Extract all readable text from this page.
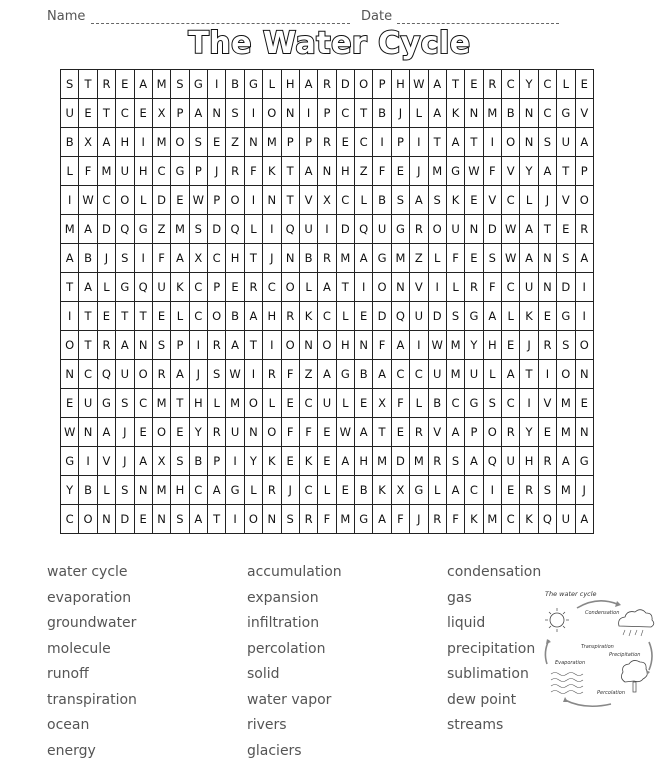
Name	Date
The Water Cycle
S	T	R	E	A	M	S	G	I	B	G	L	H	A	R	D	O	P	H	W	A	T	E	R	C	Y	C	L	E
U	E	T	C	E	X	P	A	N	S	I	O	N	I	P	C	T	B	J	L	A	K	N	M	B	N	C	G	V
B	X	A	H	I	M	O	S	E	Z	N	M	P	P	R	E	C	I	P	I	T	A	T	I	O	N	S	U	A
L	F	M	U	H	C	G	P	J	R	F	K	T	A	N	H	Z	F	E	J	M	G	W	F	V	Y	A	T	P
I	W	C	O	L	D	E	W	P	O	I	N	T	V	X	C	L	B	S	A	S	K	E	V	C	L	J	V	O
M	A	D	Q	G	Z	M	S	D	Q	L	I	Q	U	I	D	Q	U	G	R	O	U	N	D	W	A	T	E	R
A	B	J	S	I	F	A	X	C	H	T	J	N	B	R	M	A	G	M	Z	L	F	E	S	W	A	N	S	A
T	A	L	G	Q	U	K	C	P	E	R	C	O	L	A	T	I	O	N	V	I	L	R	F	C	U	N	D	I
I	T	E	T	T	E	L	C	O	B	A	H	R	K	C	L	E	D	Q	U	D	S	G	A	L	K	E	G	I
O	T	R	A	N	S	P	I	R	A	T	I	O	N	O	H	N	F	A	I	W	M	Y	H	E	J	R	S	O
N	C	Q	U	O	R	A	J	S	W	I	R	F	Z	A	G	B	A	C	C	U	M	U	L	A	T	I	O	N
E	U	G	S	C	M	T	H	L	M	O	L	E	C	U	L	E	X	F	L	B	C	G	S	C	I	V	M	E
W	N	A	J	E	O	E	Y	R	U	N	O	F	F	E	W	A	T	E	R	V	A	P	O	R	Y	E	M	N
G	I	V	J	A	X	S	B	P	I	Y	K	E	K	E	A	H	M	D	M	R	S	A	Q	U	H	R	A	G
Y	B	L	S	N	M	H	C	A	G	L	R	J	C	L	E	B	K	X	G	L	A	C	I	E	R	S	M	J
C	O	N	D	E	N	S	A	T	I	O	N	S	R	F	M	G	A	F	J	R	F	K	M	C	K	Q	U	A
water cycle
evaporation
groundwater
molecule
runoff
transpiration
ocean
energy
accumulation
expansion
infiltration
percolation
solid
water vapor
rivers
glaciers
condensation
gas
liquid
precipitation
sublimation
dew point
streams
The water cycle
Condensation
Transpiration
Precipitation
Evaporation
Percolation
